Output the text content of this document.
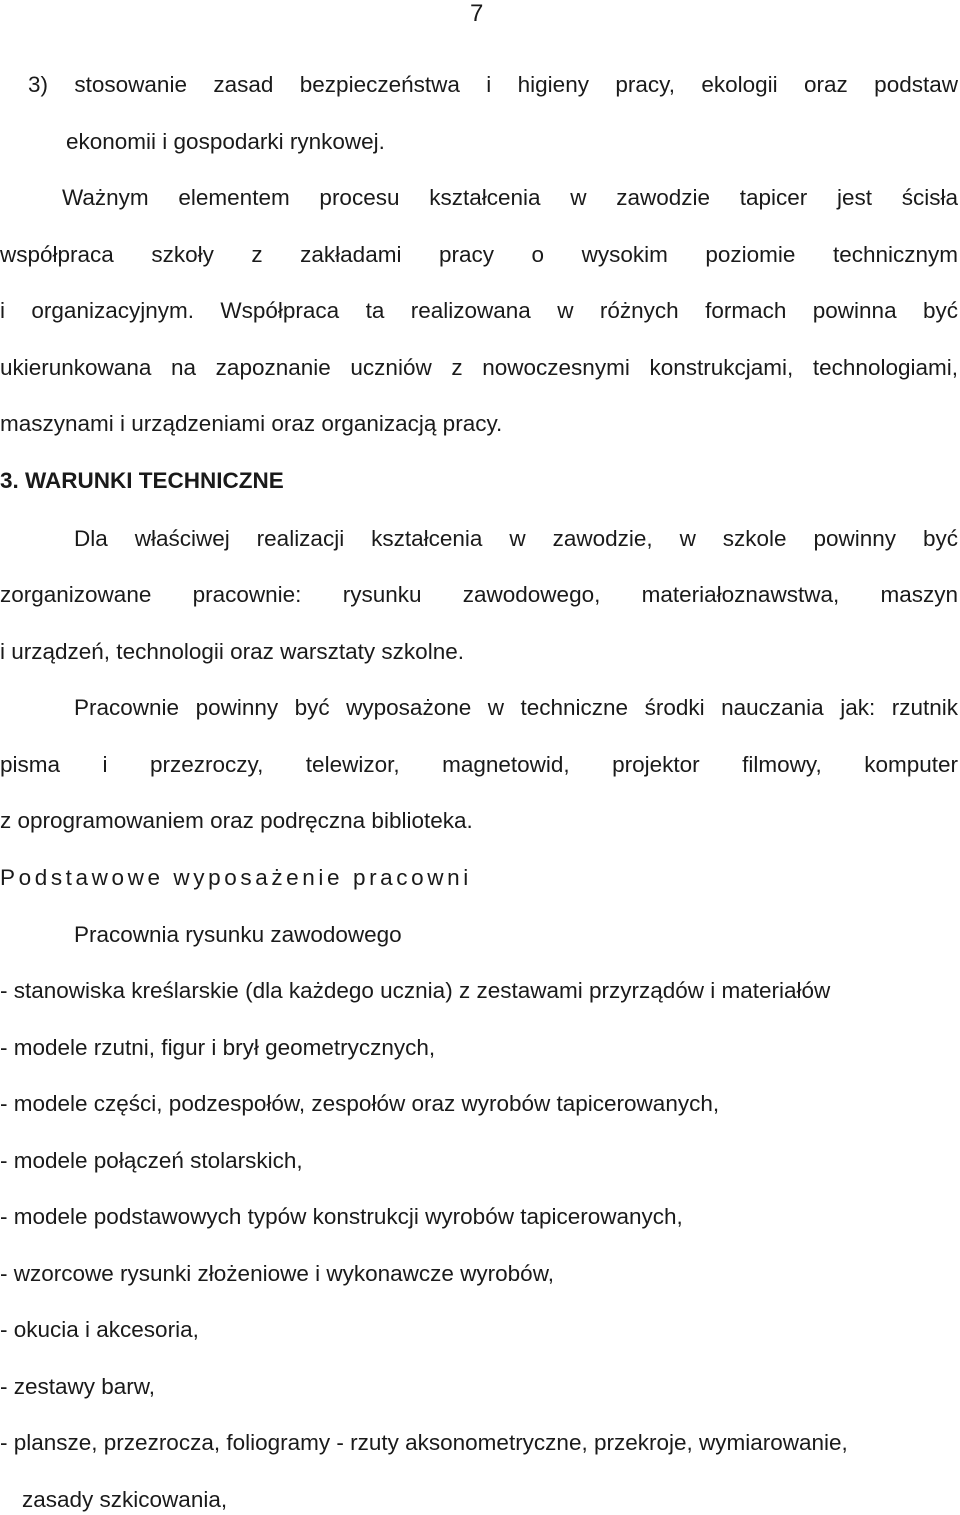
7
3) stosowanie zasad bezpieczeństwa i higieny pracy, ekologii oraz podstaw
ekonomii i gospodarki rynkowej.
Ważnym elementem procesu kształcenia w zawodzie tapicer jest ścisła
współpraca szkoły z zakładami pracy o wysokim poziomie technicznym
i organizacyjnym. Współpraca ta realizowana w różnych formach powinna być
ukierunkowana na zapoznanie uczniów z nowoczesnymi konstrukcjami, technologiami,
maszynami i urządzeniami oraz organizacją pracy.
3. WARUNKI TECHNICZNE
Dla właściwej realizacji kształcenia w zawodzie, w szkole powinny być
zorganizowane pracownie: rysunku zawodowego, materiałoznawstwa, maszyn
i urządzeń, technologii oraz warsztaty szkolne.
Pracownie powinny być wyposażone w techniczne środki nauczania jak: rzutnik
pisma i przezroczy, telewizor, magnetowid, projektor filmowy, komputer
z oprogramowaniem oraz podręczna biblioteka.
Podstawowe wyposażenie pracowni
Pracownia rysunku zawodowego
- stanowiska kreślarskie (dla każdego ucznia) z zestawami przyrządów i materiałów
- modele rzutni, figur i brył geometrycznych,
- modele części, podzespołów, zespołów oraz wyrobów tapicerowanych,
- modele połączeń stolarskich,
- modele podstawowych typów konstrukcji wyrobów tapicerowanych,
- wzorcowe rysunki złożeniowe i wykonawcze wyrobów,
- okucia i akcesoria,
- zestawy barw,
- plansze, przezrocza, foliogramy - rzuty aksonometryczne, przekroje, wymiarowanie,
zasady szkicowania,
